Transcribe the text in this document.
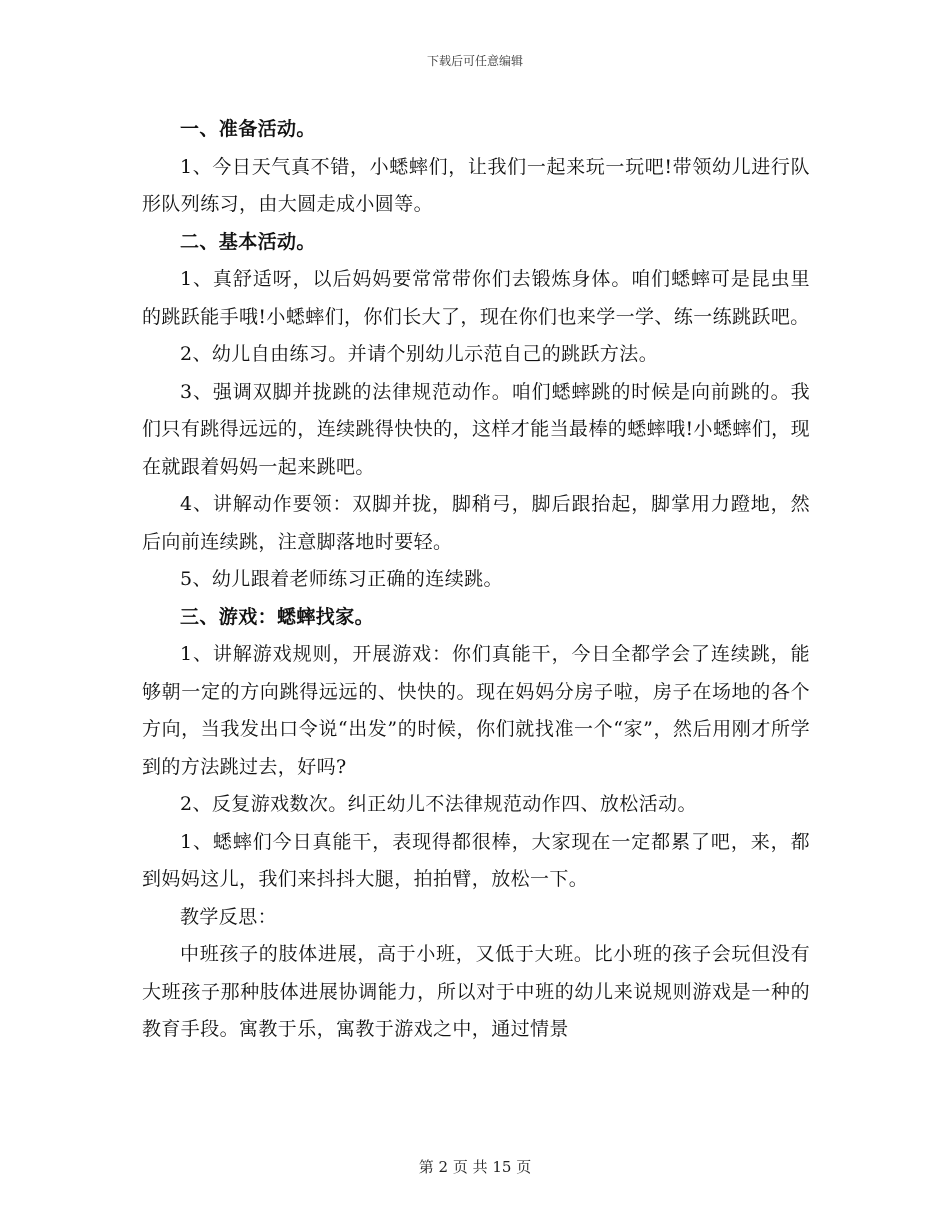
下载后可任意编辑

一、准备活动。

1、今日天气真不错，小蟋蟀们，让我们一起来玩一玩吧!带领幼儿进行队形队列练习，由大圆走成小圆等。

二、基本活动。

1、真舒适呀，以后妈妈要常常带你们去锻炼身体。咱们蟋蟀可是昆虫里的跳跃能手哦!小蟋蟀们，你们长大了，现在你们也来学一学、练一练跳跃吧。

2、幼儿自由练习。并请个别幼儿示范自己的跳跃方法。

3、强调双脚并拢跳的法律规范动作。咱们蟋蟀跳的时候是向前跳的。我们只有跳得远远的，连续跳得快快的，这样才能当最棒的蟋蟀哦!小蟋蟀们，现在就跟着妈妈一起来跳吧。

4、讲解动作要领：双脚并拢，脚稍弓，脚后跟抬起，脚掌用力蹬地，然后向前连续跳，注意脚落地时要轻。

5、幼儿跟着老师练习正确的连续跳。

三、游戏：蟋蟀找家。

1、讲解游戏规则，开展游戏：你们真能干，今日全都学会了连续跳，能够朝一定的方向跳得远远的、快快的。现在妈妈分房子啦，房子在场地的各个方向，当我发出口令说“出发”的时候，你们就找准一个“家”，然后用刚才所学到的方法跳过去，好吗?

2、反复游戏数次。纠正幼儿不法律规范动作四、放松活动。

1、蟋蟀们今日真能干，表现得都很棒，大家现在一定都累了吧，来，都到妈妈这儿，我们来抖抖大腿，拍拍臂，放松一下。

教学反思：

中班孩子的肢体进展，高于小班，又低于大班。比小班的孩子会玩但没有大班孩子那种肢体进展协调能力，所以对于中班的幼儿来说规则游戏是一种的教育手段。寓教于乐，寓教于游戏之中，通过情景

第 2 页 共 15 页
